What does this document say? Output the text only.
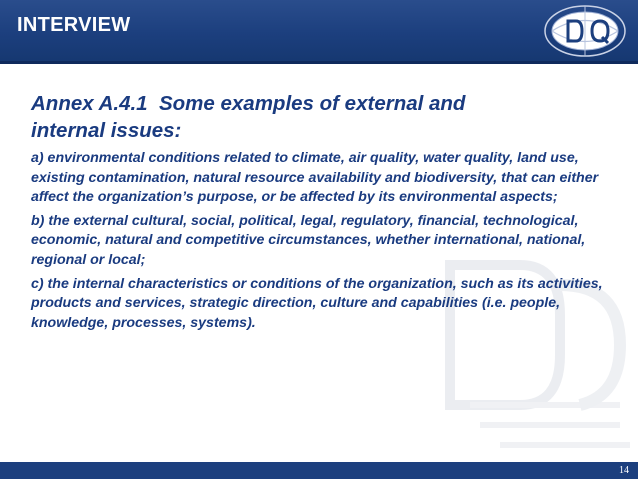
INTERVIEW
Annex A.4.1  Some examples of external and
internal issues:

a) environmental conditions related to climate, air quality, water quality, land use, existing contamination, natural resource availability and biodiversity, that can either affect the organization’s purpose, or be affected by its environmental aspects;

b) the external cultural, social, political, legal, regulatory, financial, technological, economic, natural and competitive circumstances, whether international, national, regional or local;

c) the internal characteristics or conditions of the organization, such as its activities, products and services, strategic direction, culture and capabilities (i.e. people, knowledge, processes, systems).

14
